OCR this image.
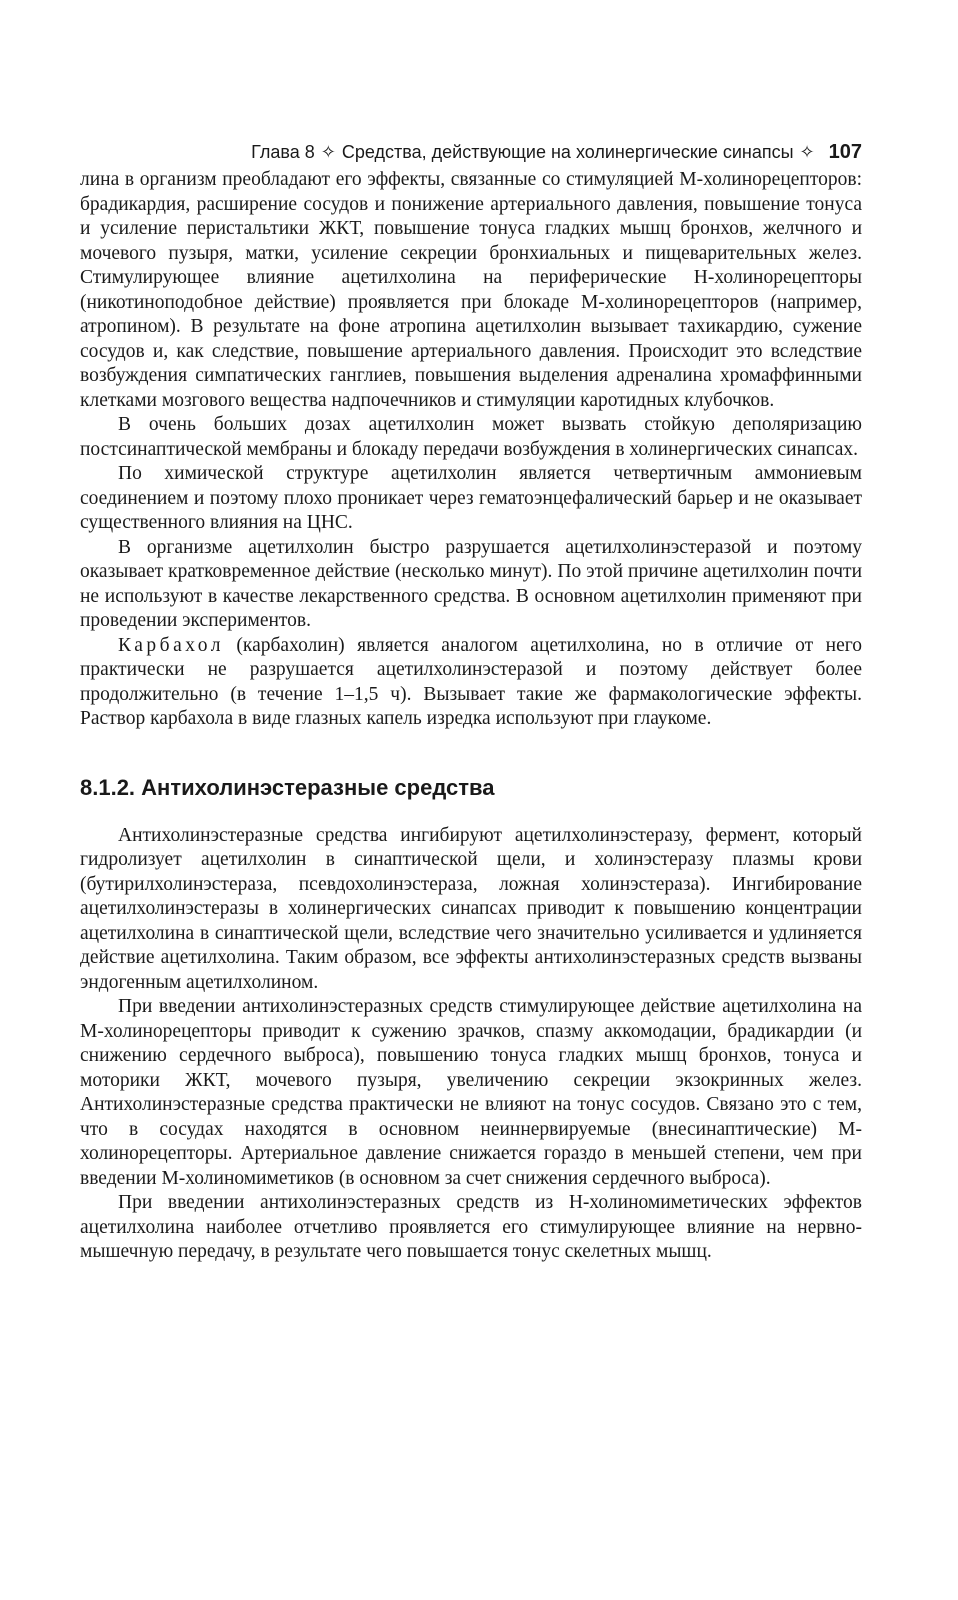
Глава 8 ✧ Средства, действующие на холинергические синапсы ✧ 107

лина в организм преобладают его эффекты, связанные со стимуляцией М-холинорецепторов: брадикардия, расширение сосудов и понижение артериального давления, повышение тонуса и усиление перистальтики ЖКТ, повышение тонуса гладких мышц бронхов, желчного и мочевого пузыря, матки, усиление секреции бронхиальных и пищеварительных желез. Стимулирующее влияние ацетилхолина на периферические Н-холинорецепторы (никотиноподобное действие) проявляется при блокаде М-холинорецепторов (например, атропином). В результате на фоне атропина ацетилхолин вызывает тахикардию, сужение сосудов и, как следствие, повышение артериального давления. Происходит это вследствие возбуждения симпатических ганглиев, повышения выделения адреналина хромаффинными клетками мозгового вещества надпочечников и стимуляции каротидных клубочков.

В очень больших дозах ацетилхолин может вызвать стойкую деполяризацию постсинаптической мембраны и блокаду передачи возбуждения в холинергических синапсах.

По химической структуре ацетилхолин является четвертичным аммониевым соединением и поэтому плохо проникает через гематоэнцефалический барьер и не оказывает существенного влияния на ЦНС.

В организме ацетилхолин быстро разрушается ацетилхолинэстеразой и поэтому оказывает кратковременное действие (несколько минут). По этой причине ацетилхолин почти не используют в качестве лекарственного средства. В основном ацетилхолин применяют при проведении экспериментов.

Карбахол (карбахолин) является аналогом ацетилхолина, но в отличие от него практически не разрушается ацетилхолинэстеразой и поэтому действует более продолжительно (в течение 1–1,5 ч). Вызывает такие же фармакологические эффекты. Раствор карбахола в виде глазных капель изредка используют при глаукоме.

8.1.2. Антихолинэстеразные средства

Антихолинэстеразные средства ингибируют ацетилхолинэстеразу, фермент, который гидролизует ацетилхолин в синаптической щели, и холинэстеразу плазмы крови (бутирилхолинэстераза, псевдохолинэстераза, ложная холинэстераза). Ингибирование ацетилхолинэстеразы в холинергических синапсах приводит к повышению концентрации ацетилхолина в синаптической щели, вследствие чего значительно усиливается и удлиняется действие ацетилхолина. Таким образом, все эффекты антихолинэстеразных средств вызваны эндогенным ацетилхолином.

При введении антихолинэстеразных средств стимулирующее действие ацетилхолина на М-холинорецепторы приводит к сужению зрачков, спазму аккомодации, брадикардии (и снижению сердечного выброса), повышению тонуса гладких мышц бронхов, тонуса и моторики ЖКТ, мочевого пузыря, увеличению секреции экзокринных желез. Антихолинэстеразные средства практически не влияют на тонус сосудов. Связано это с тем, что в сосудах находятся в основном неиннервируемые (внесинаптические) М-холинорецепторы. Артериальное давление снижается гораздо в меньшей степени, чем при введении М-холиномиметиков (в основном за счет снижения сердечного выброса).

При введении антихолинэстеразных средств из Н-холиномиметических эффектов ацетилхолина наиболее отчетливо проявляется его стимулирующее влияние на нервно-мышечную передачу, в результате чего повышается тонус скелетных мышц.
